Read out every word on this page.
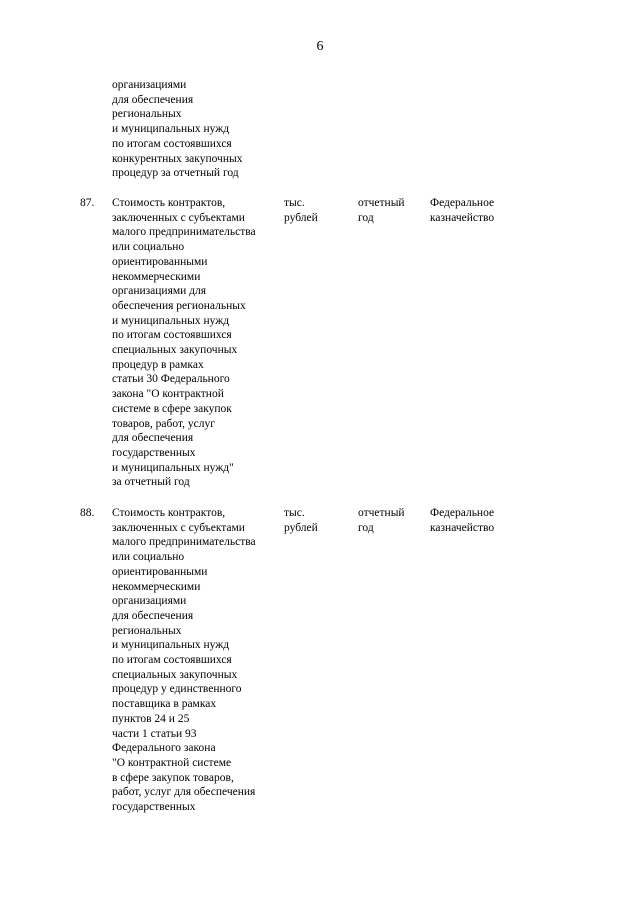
6
организациями
для обеспечения
региональных
и муниципальных нужд
по итогам состоявшихся
конкурентных закупочных
процедур за отчетный год
87.	Стоимость контрактов,
заключенных с субъектами
малого предпринимательства
или социально
ориентированными
некоммерческими
организациями для
обеспечения региональных
и муниципальных нужд
по итогам состоявшихся
специальных закупочных
процедур в рамках
статьи 30 Федерального
закона "О контрактной
системе в сфере закупок
товаров, работ, услуг
для обеспечения
государственных
и муниципальных нужд"
за отчетный год
тыс.
рублей
отчетный
год
Федеральное
казначейство
88.	Стоимость контрактов,
заключенных с субъектами
малого предпринимательства
или социально
ориентированными
некоммерческими
организациями
для обеспечения
региональных
и муниципальных нужд
по итогам состоявшихся
специальных закупочных
процедур у единственного
поставщика в рамках
пунктов 24 и 25
части 1 статьи 93
Федерального закона
"О контрактной системе
в сфере закупок товаров,
работ, услуг для обеспечения
государственных
тыс.
рублей
отчетный
год
Федеральное
казначейство
